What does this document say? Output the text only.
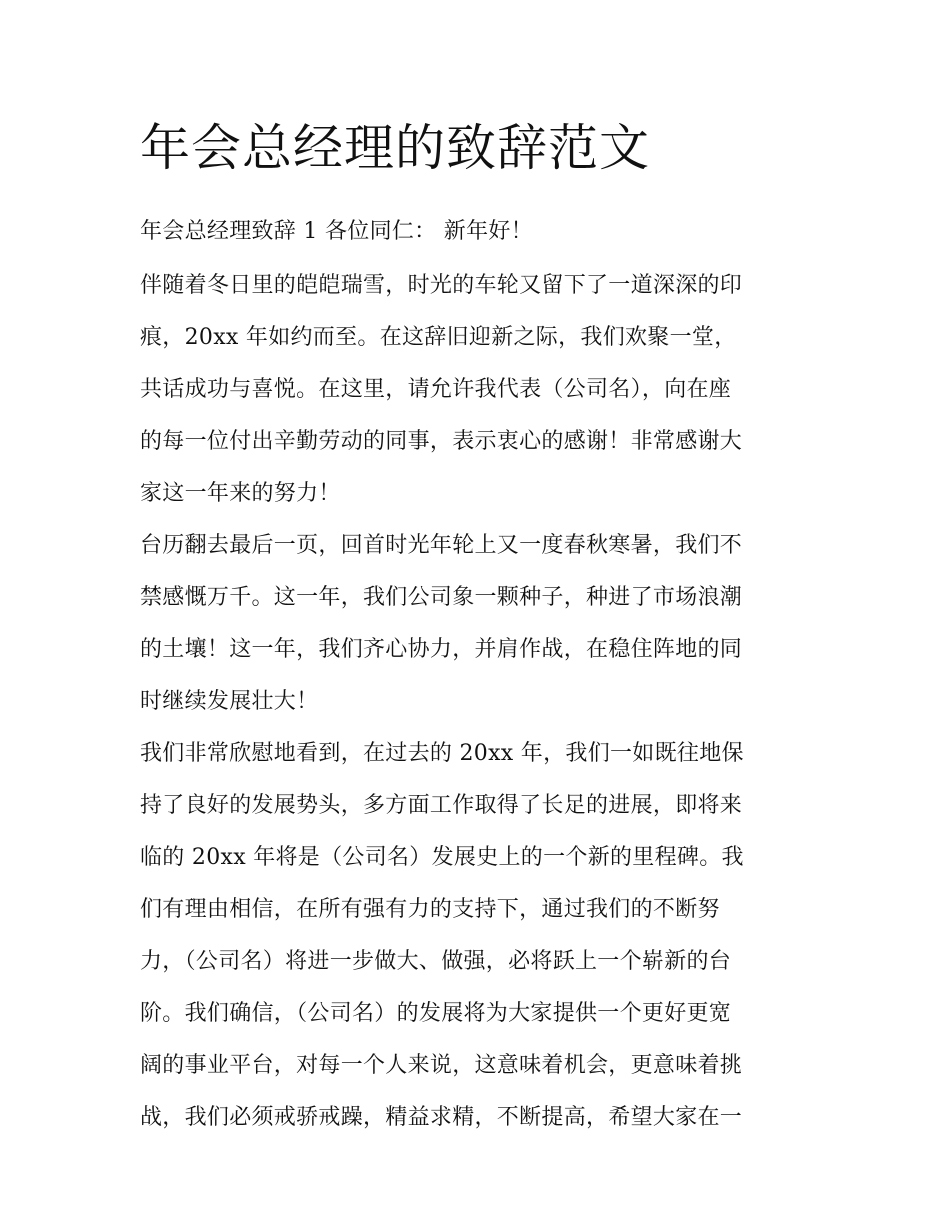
年会总经理的致辞范文
年会总经理致辞 1 各位同仁： 新年好！
伴随着冬日里的皑皑瑞雪，时光的车轮又留下了一道深深的印
痕，20xx 年如约而至。在这辞旧迎新之际，我们欢聚一堂，
共话成功与喜悦。在这里，请允许我代表（公司名），向在座
的每一位付出辛勤劳动的同事，表示衷心的感谢！非常感谢大
家这一年来的努力！
台历翻去最后一页，回首时光年轮上又一度春秋寒暑，我们不
禁感慨万千。这一年，我们公司象一颗种子，种进了市场浪潮
的土壤！这一年，我们齐心协力，并肩作战，在稳住阵地的同
时继续发展壮大！
我们非常欣慰地看到，在过去的 20xx 年，我们一如既往地保
持了良好的发展势头，多方面工作取得了长足的进展，即将来
临的 20xx 年将是（公司名）发展史上的一个新的里程碑。我
们有理由相信，在所有强有力的支持下，通过我们的不断努
力，（公司名）将进一步做大、做强，必将跃上一个崭新的台
阶。我们确信，（公司名）的发展将为大家提供一个更好更宽
阔的事业平台，对每一个人来说，这意味着机会，更意味着挑
战，我们必须戒骄戒躁，精益求精，不断提高，希望大家在一
